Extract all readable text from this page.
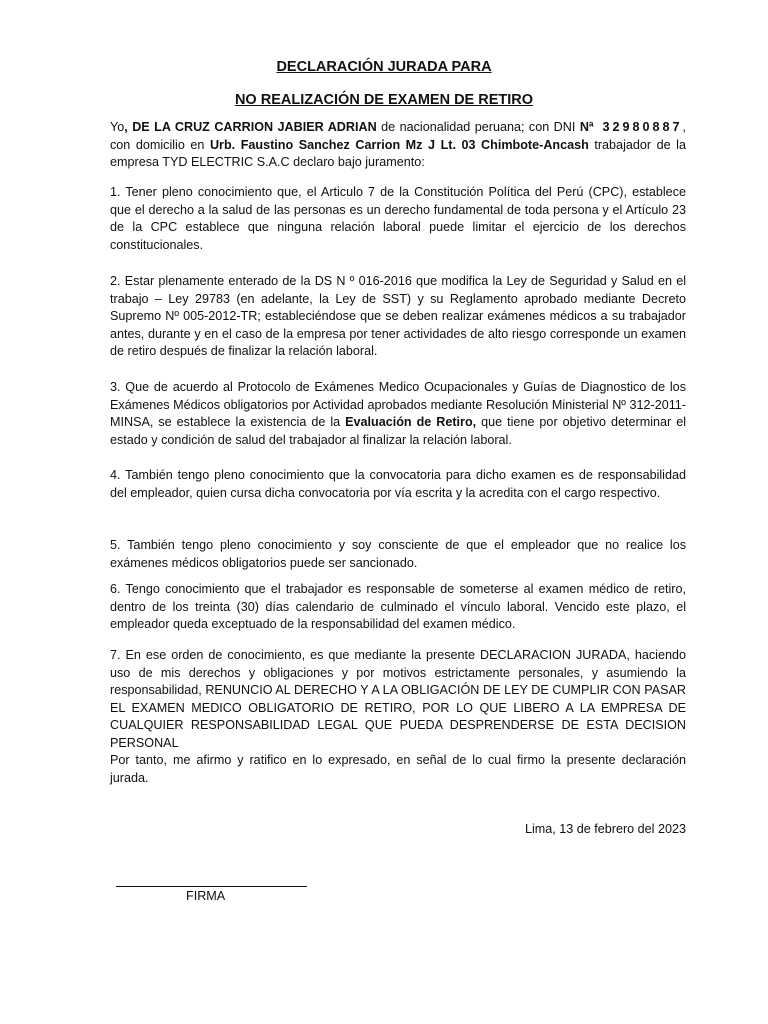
DECLARACIÓN JURADA PARA
NO REALIZACIÓN DE EXAMEN DE RETIRO
Yo, DE LA CRUZ CARRION JABIER ADRIAN de nacionalidad peruana; con DNI Nª 32980887, con domicilio en Urb. Faustino Sanchez Carrion Mz J Lt. 03 Chimbote-Ancash trabajador de la empresa TYD ELECTRIC S.A.C declaro bajo juramento:
1. Tener pleno conocimiento que, el Articulo 7 de la Constitución Política del Perú (CPC), establece que el derecho a la salud de las personas es un derecho fundamental de toda persona y el Artículo 23 de la CPC establece que ninguna relación laboral puede limitar el ejercicio de los derechos constitucionales.
2. Estar plenamente enterado de la DS N º 016-2016 que modifica la Ley de Seguridad y Salud en el trabajo – Ley 29783 (en adelante, la Ley de SST) y su Reglamento aprobado mediante Decreto Supremo Nº 005-2012-TR; estableciéndose que se deben realizar exámenes médicos a su trabajador antes, durante y en el caso de la empresa por tener actividades de alto riesgo corresponde un examen de retiro después de finalizar la relación laboral.
3. Que de acuerdo al Protocolo de Exámenes Medico Ocupacionales y Guías de Diagnostico de los Exámenes Médicos obligatorios por Actividad aprobados mediante Resolución Ministerial Nº 312-2011-MINSA, se establece la existencia de la Evaluación de Retiro, que tiene por objetivo determinar el estado y condición de salud del trabajador al finalizar la relación laboral.
4. También tengo pleno conocimiento que la convocatoria para dicho examen es de responsabilidad del empleador, quien cursa dicha convocatoria por vía escrita y la acredita con el cargo respectivo.
5. También tengo pleno conocimiento y soy consciente de que el empleador que no realice los exámenes médicos obligatorios puede ser sancionado.
6. Tengo conocimiento que el trabajador es responsable de someterse al examen médico de retiro, dentro de los treinta (30) días calendario de culminado el vínculo laboral. Vencido este plazo, el empleador queda exceptuado de la responsabilidad del examen médico.
7. En ese orden de conocimiento, es que mediante la presente DECLARACION JURADA, haciendo uso de mis derechos y obligaciones y por motivos estrictamente personales, y asumiendo la responsabilidad, RENUNCIO AL DERECHO Y A LA OBLIGACIÓN DE LEY DE CUMPLIR CON PASAR EL EXAMEN MEDICO OBLIGATORIO DE RETIRO, POR LO QUE LIBERO A LA EMPRESA DE CUALQUIER RESPONSABILIDAD LEGAL QUE PUEDA DESPRENDERSE DE ESTA DECISION PERSONAL
Por tanto, me afirmo y ratifico en lo expresado, en señal de lo cual firmo la presente declaración jurada.
Lima, 13 de febrero del 2023
FIRMA
